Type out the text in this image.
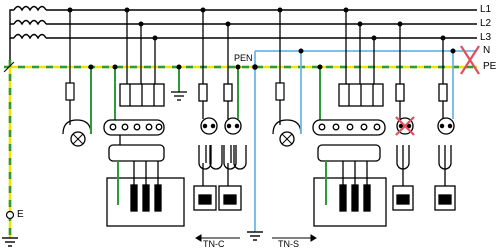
L1
L2
L3
N
PE
PEN
E
TN-C	TN-S
